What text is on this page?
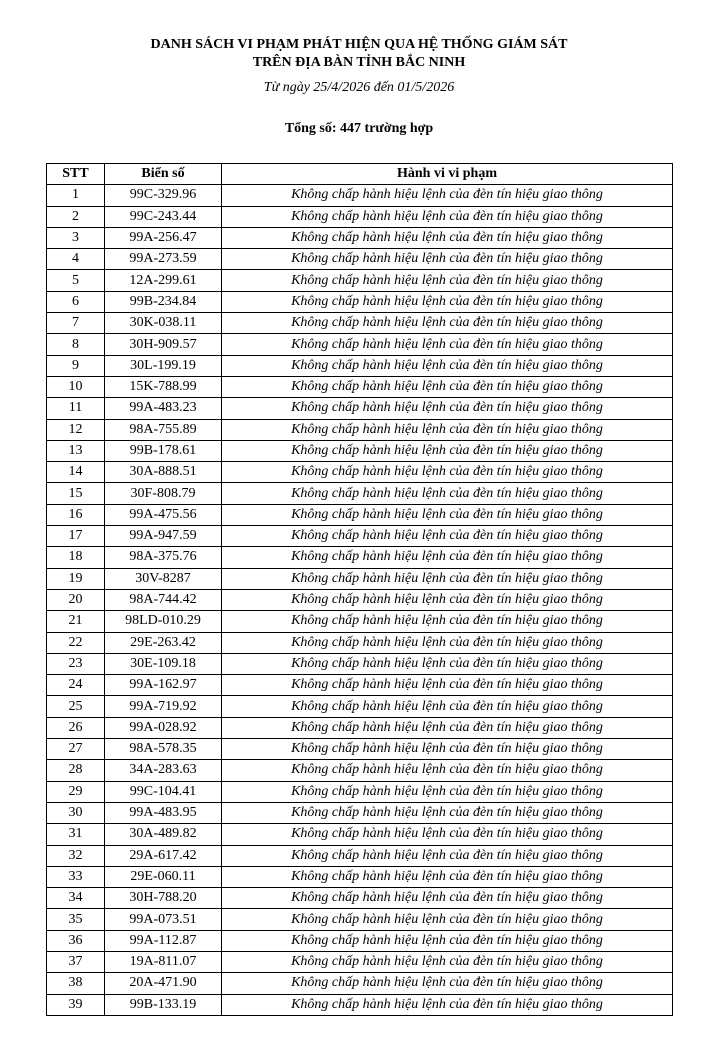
DANH SÁCH VI PHẠM PHÁT HIỆN QUA HỆ THỐNG GIÁM SÁT
TRÊN ĐỊA BÀN TỈNH BẮC NINH
Từ ngày 25/4/2026 đến 01/5/2026
Tổng số: 447 trường hợp
STT	Biển số	Hành vi vi phạm
1	99C-329.96	Không chấp hành hiệu lệnh của đèn tín hiệu giao thông
2	99C-243.44	Không chấp hành hiệu lệnh của đèn tín hiệu giao thông
3	99A-256.47	Không chấp hành hiệu lệnh của đèn tín hiệu giao thông
4	99A-273.59	Không chấp hành hiệu lệnh của đèn tín hiệu giao thông
5	12A-299.61	Không chấp hành hiệu lệnh của đèn tín hiệu giao thông
6	99B-234.84	Không chấp hành hiệu lệnh của đèn tín hiệu giao thông
7	30K-038.11	Không chấp hành hiệu lệnh của đèn tín hiệu giao thông
8	30H-909.57	Không chấp hành hiệu lệnh của đèn tín hiệu giao thông
9	30L-199.19	Không chấp hành hiệu lệnh của đèn tín hiệu giao thông
10	15K-788.99	Không chấp hành hiệu lệnh của đèn tín hiệu giao thông
11	99A-483.23	Không chấp hành hiệu lệnh của đèn tín hiệu giao thông
12	98A-755.89	Không chấp hành hiệu lệnh của đèn tín hiệu giao thông
13	99B-178.61	Không chấp hành hiệu lệnh của đèn tín hiệu giao thông
14	30A-888.51	Không chấp hành hiệu lệnh của đèn tín hiệu giao thông
15	30F-808.79	Không chấp hành hiệu lệnh của đèn tín hiệu giao thông
16	99A-475.56	Không chấp hành hiệu lệnh của đèn tín hiệu giao thông
17	99A-947.59	Không chấp hành hiệu lệnh của đèn tín hiệu giao thông
18	98A-375.76	Không chấp hành hiệu lệnh của đèn tín hiệu giao thông
19	30V-8287	Không chấp hành hiệu lệnh của đèn tín hiệu giao thông
20	98A-744.42	Không chấp hành hiệu lệnh của đèn tín hiệu giao thông
21	98LD-010.29	Không chấp hành hiệu lệnh của đèn tín hiệu giao thông
22	29E-263.42	Không chấp hành hiệu lệnh của đèn tín hiệu giao thông
23	30E-109.18	Không chấp hành hiệu lệnh của đèn tín hiệu giao thông
24	99A-162.97	Không chấp hành hiệu lệnh của đèn tín hiệu giao thông
25	99A-719.92	Không chấp hành hiệu lệnh của đèn tín hiệu giao thông
26	99A-028.92	Không chấp hành hiệu lệnh của đèn tín hiệu giao thông
27	98A-578.35	Không chấp hành hiệu lệnh của đèn tín hiệu giao thông
28	34A-283.63	Không chấp hành hiệu lệnh của đèn tín hiệu giao thông
29	99C-104.41	Không chấp hành hiệu lệnh của đèn tín hiệu giao thông
30	99A-483.95	Không chấp hành hiệu lệnh của đèn tín hiệu giao thông
31	30A-489.82	Không chấp hành hiệu lệnh của đèn tín hiệu giao thông
32	29A-617.42	Không chấp hành hiệu lệnh của đèn tín hiệu giao thông
33	29E-060.11	Không chấp hành hiệu lệnh của đèn tín hiệu giao thông
34	30H-788.20	Không chấp hành hiệu lệnh của đèn tín hiệu giao thông
35	99A-073.51	Không chấp hành hiệu lệnh của đèn tín hiệu giao thông
36	99A-112.87	Không chấp hành hiệu lệnh của đèn tín hiệu giao thông
37	19A-811.07	Không chấp hành hiệu lệnh của đèn tín hiệu giao thông
38	20A-471.90	Không chấp hành hiệu lệnh của đèn tín hiệu giao thông
39	99B-133.19	Không chấp hành hiệu lệnh của đèn tín hiệu giao thông
